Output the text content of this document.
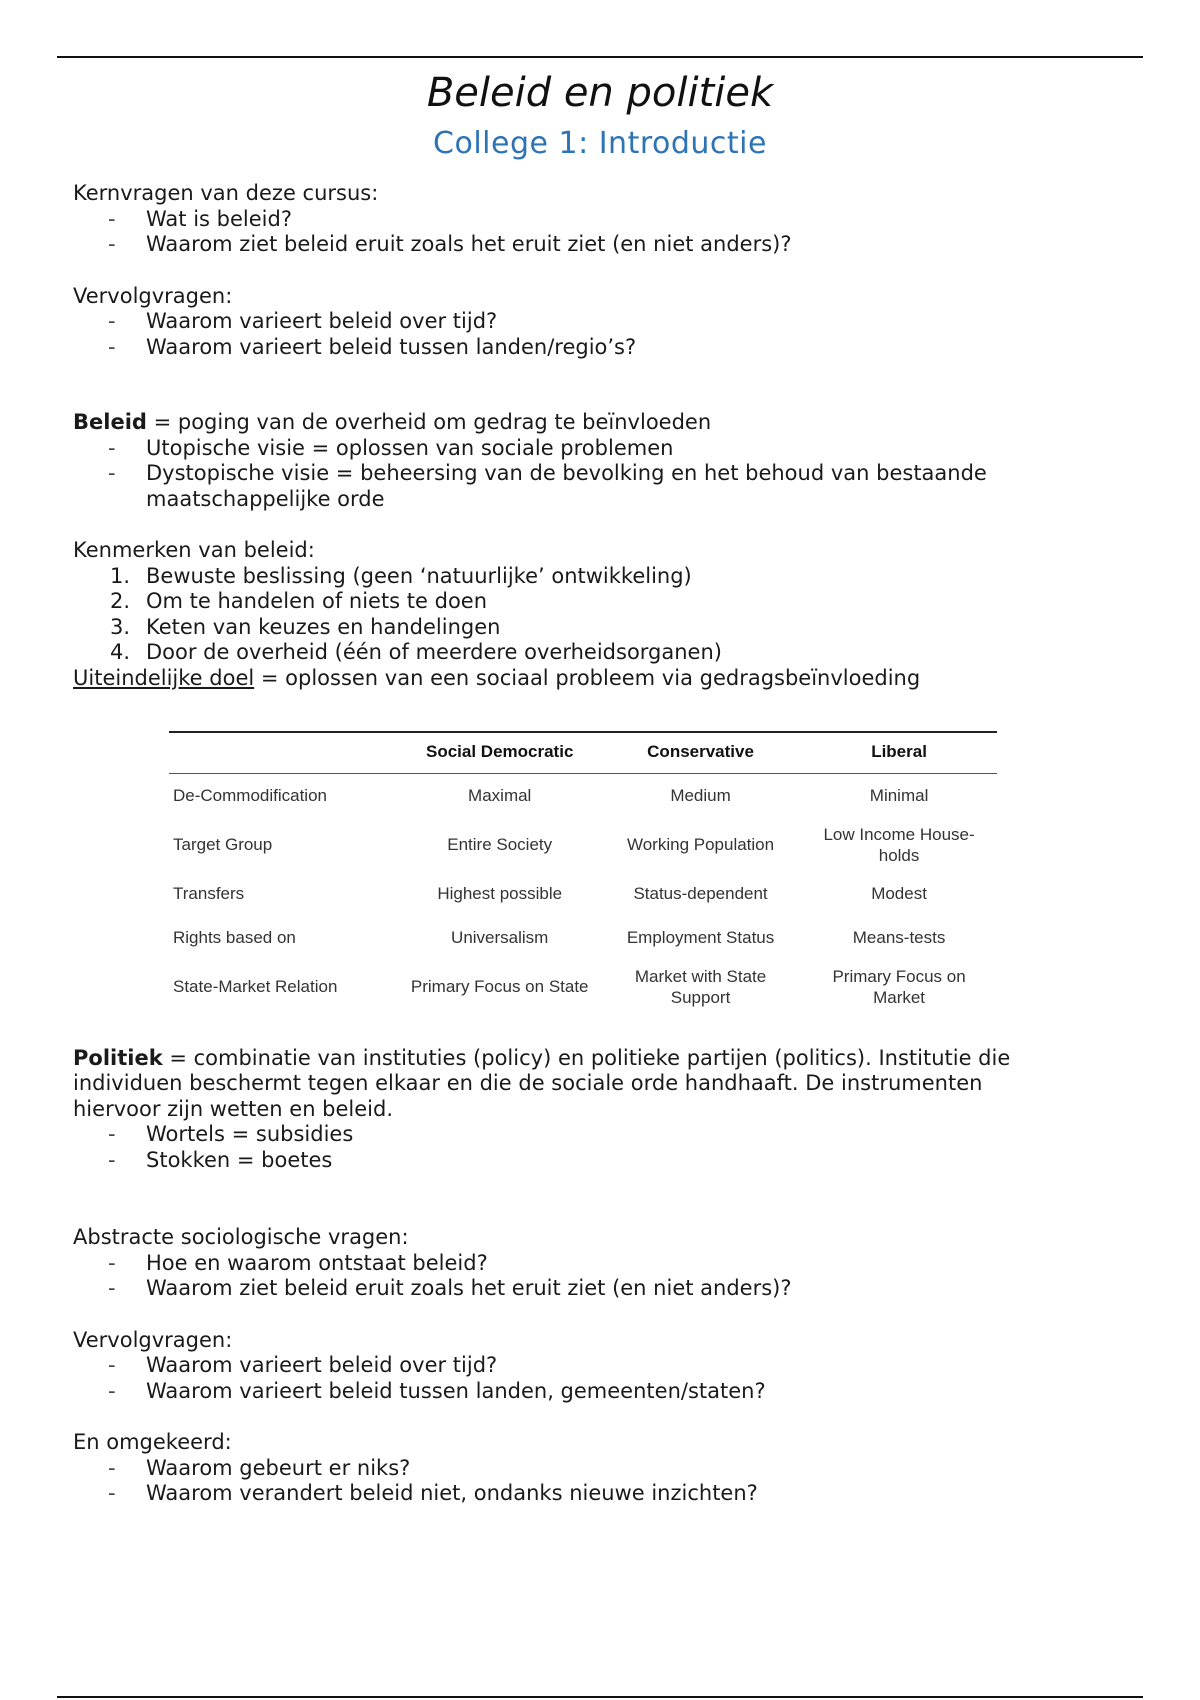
Beleid en politiek
College 1: Introductie

Kernvragen van deze cursus:

- Wat is beleid?
- Waarom ziet beleid eruit zoals het eruit ziet (en niet anders)?

Vervolgvragen:

- Waarom varieert beleid over tijd?
- Waarom varieert beleid tussen landen/regio’s?

Beleid = poging van de overheid om gedrag te beïnvloeden

- Utopische visie = oplossen van sociale problemen
- Dystopische visie = beheersing van de bevolking en het behoud van bestaande maatschappelijke orde

Kenmerken van beleid:

1. Bewuste beslissing (geen ‘natuurlijke’ ontwikkeling)
2. Om te handelen of niets te doen
3. Keten van keuzes en handelingen
4. Door de overheid (één of meerdere overheidsorganen)

Uiteindelijke doel = oplossen van een sociaal probleem via gedragsbeïnvloeding

	Social Democratic	Conservative	Liberal
De-Commodification	Maximal	Medium	Minimal
Target Group	Entire Society	Working Population	Low Income House-holds
Transfers	Highest possible	Status-dependent	Modest
Rights based on	Universalism	Employment Status	Means-tests
State-Market Relation	Primary Focus on State	Market with State Support	Primary Focus on Market

Politiek = combinatie van instituties (policy) en politieke partijen (politics). Institutie die individuen beschermt tegen elkaar en die de sociale orde handhaaft. De instrumenten hiervoor zijn wetten en beleid.

- Wortels = subsidies
- Stokken = boetes

Abstracte sociologische vragen:

- Hoe en waarom ontstaat beleid?
- Waarom ziet beleid eruit zoals het eruit ziet (en niet anders)?

Vervolgvragen:

- Waarom varieert beleid over tijd?
- Waarom varieert beleid tussen landen, gemeenten/staten?

En omgekeerd:

- Waarom gebeurt er niks?
- Waarom verandert beleid niet, ondanks nieuwe inzichten?
